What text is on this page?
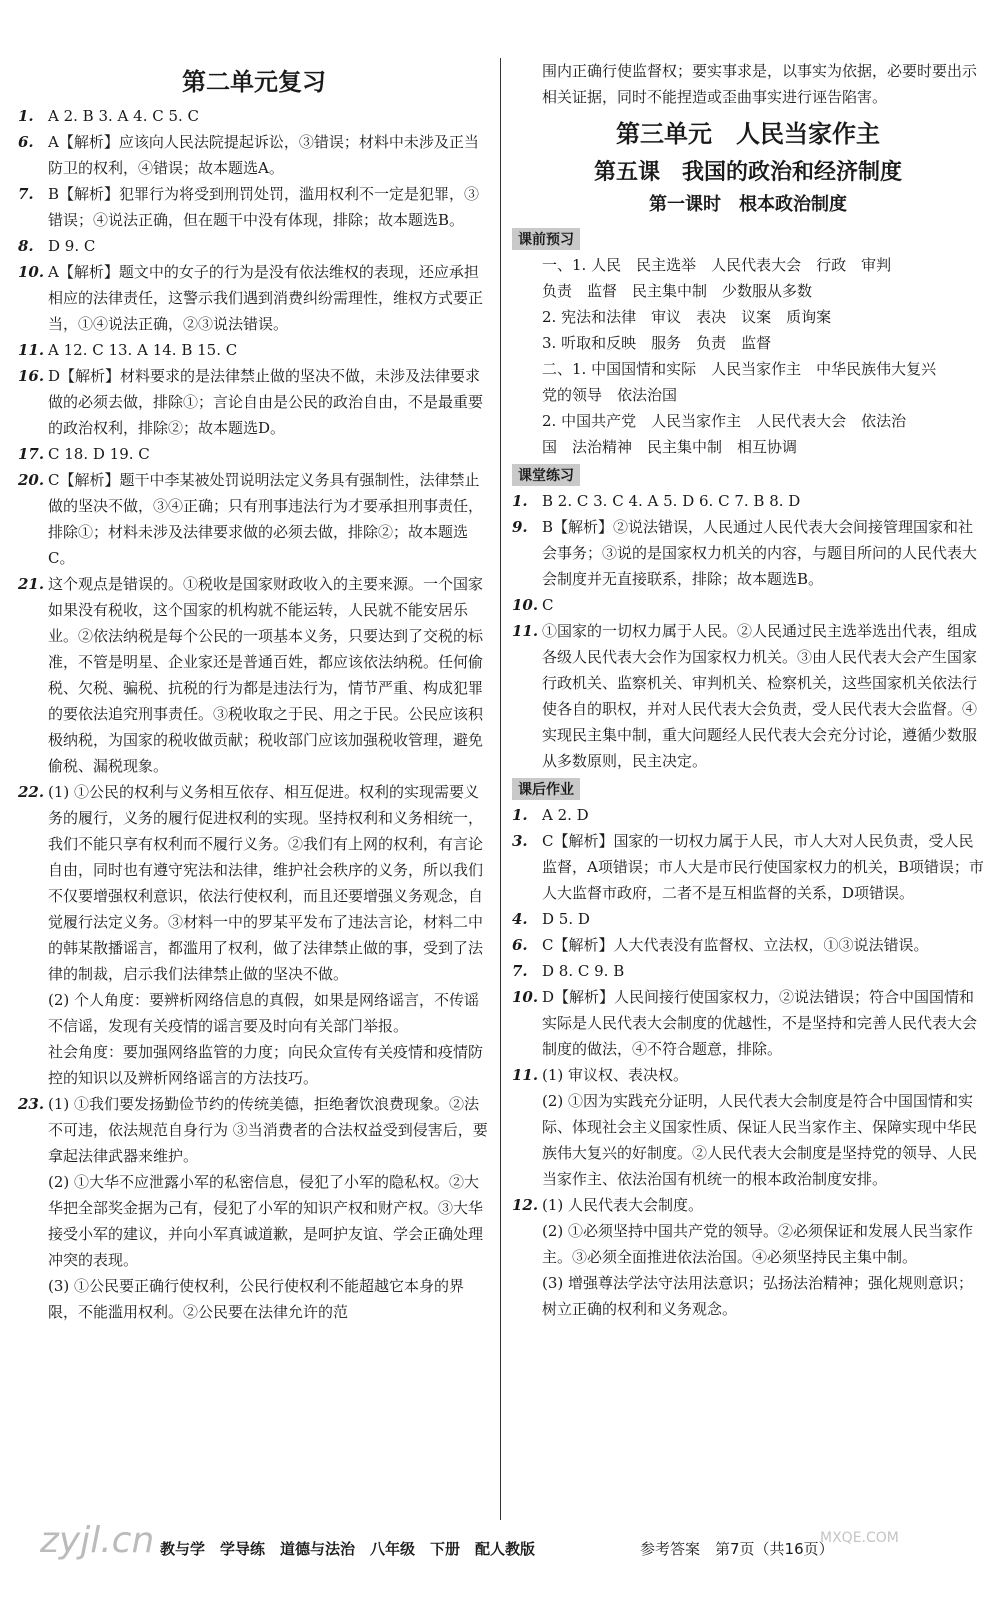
第二单元复习
1. A 2. B 3. A 4. C 5. C
6. A【解析】应该向人民法院提起诉讼，③错误；材料中未涉及正当防卫的权利，④错误；故本题选A。
7. B【解析】犯罪行为将受到刑罚处罚，滥用权利不一定是犯罪，③错误；④说法正确，但在题干中没有体现，排除；故本题选B。
8. D 9. C
10. A【解析】题文中的女子的行为是没有依法维权的表现，还应承担相应的法律责任，这警示我们遇到消费纠纷需理性，维权方式要正当，①④说法正确，②③说法错误。
11. A 12. C 13. A 14. B 15. C
16. D【解析】材料要求的是法律禁止做的坚决不做，未涉及法律要求做的必须去做，排除①；言论自由是公民的政治自由，不是最重要的政治权利，排除②；故本题选D。
17. C 18. D 19. C
20. C【解析】题干中李某被处罚说明法定义务具有强制性，法律禁止做的坚决不做，③④正确；只有刑事违法行为才要承担刑事责任，排除①；材料未涉及法律要求做的必须去做，排除②；故本题选C。
21. 这个观点是错误的。①税收是国家财政收入的主要来源。一个国家如果没有税收，这个国家的机构就不能运转，人民就不能安居乐业。②依法纳税是每个公民的一项基本义务，只要达到了交税的标准，不管是明星、企业家还是普通百姓，都应该依法纳税。任何偷税、欠税、骗税、抗税的行为都是违法行为，情节严重、构成犯罪的要依法追究刑事责任。③税收取之于民、用之于民。公民应该积极纳税，为国家的税收做贡献；税收部门应该加强税收管理，避免偷税、漏税现象。
22. (1) ①公民的权利与义务相互依存、相互促进。权利的实现需要义务的履行，义务的履行促进权利的实现。坚持权利和义务相统一，我们不能只享有权利而不履行义务。②我们有上网的权利，有言论自由，同时也有遵守宪法和法律，维护社会秩序的义务，所以我们不仅要增强权利意识，依法行使权利，而且还要增强义务观念，自觉履行法定义务。③材料一中的罗某平发布了违法言论，材料二中的韩某散播谣言，都滥用了权利，做了法律禁止做的事，受到了法律的制裁，启示我们法律禁止做的坚决不做。
(2) 个人角度：要辨析网络信息的真假，如果是网络谣言，不传谣不信谣，发现有关疫情的谣言要及时向有关部门举报。
社会角度：要加强网络监管的力度；向民众宣传有关疫情和疫情防控的知识以及辨析网络谣言的方法技巧。
23. (1) ①我们要发扬勤俭节约的传统美德，拒绝奢饮浪费现象。②法不可违，依法规范自身行为 ③当消费者的合法权益受到侵害后，要拿起法律武器来维护。
(2) ①大华不应泄露小军的私密信息，侵犯了小军的隐私权。②大华把全部奖金据为己有，侵犯了小军的知识产权和财产权。③大华接受小军的建议，并向小军真诚道歉，是呵护友谊、学会正确处理冲突的表现。
(3) ①公民要正确行使权利，公民行使权利不能超越它本身的界限，不能滥用权利。②公民要在法律允许的范
围内正确行使监督权；要实事求是，以事实为依据，必要时要出示相关证据，同时不能捏造或歪曲事实进行诬告陷害。
第三单元　人民当家作主
第五课　我国的政治和经济制度
第一课时　根本政治制度
课前预习
一、1. 人民　民主选举　人民代表大会　行政　审判
负责　监督　民主集中制　少数服从多数
2. 宪法和法律　审议　表决　议案　质询案
3. 听取和反映　服务　负责　监督
二、1. 中国国情和实际　人民当家作主　中华民族伟大复兴
党的领导　依法治国
2. 中国共产党　人民当家作主　人民代表大会　依法治
国　法治精神　民主集中制　相互协调
课堂练习
1. B 2. C 3. C 4. A 5. D 6. C 7. B 8. D
9. B【解析】②说法错误，人民通过人民代表大会间接管理国家和社会事务；③说的是国家权力机关的内容，与题目所问的人民代表大会制度并无直接联系，排除；故本题选B。
10. C
11. ①国家的一切权力属于人民。②人民通过民主选举选出代表，组成各级人民代表大会作为国家权力机关。③由人民代表大会产生国家行政机关、监察机关、审判机关、检察机关，这些国家机关依法行使各自的职权，并对人民代表大会负责，受人民代表大会监督。④实现民主集中制，重大问题经人民代表大会充分讨论，遵循少数服从多数原则，民主决定。
课后作业
1. A 2. D
3. C【解析】国家的一切权力属于人民，市人大对人民负责，受人民监督，A项错误；市人大是市民行使国家权力的机关，B项错误；市人大监督市政府，二者不是互相监督的关系，D项错误。
4. D 5. D
6. C【解析】人大代表没有监督权、立法权，①③说法错误。
7. D 8. C 9. B
10. D【解析】人民间接行使国家权力，②说法错误；符合中国国情和实际是人民代表大会制度的优越性，不是坚持和完善人民代表大会制度的做法，④不符合题意，排除。
11. (1) 审议权、表决权。
(2) ①因为实践充分证明，人民代表大会制度是符合中国国情和实际、体现社会主义国家性质、保证人民当家作主、保障实现中华民族伟大复兴的好制度。②人民代表大会制度是坚持党的领导、人民当家作主、依法治国有机统一的根本政治制度安排。
12. (1) 人民代表大会制度。
(2) ①必须坚持中国共产党的领导。②必须保证和发展人民当家作主。③必须全面推进依法治国。④必须坚持民主集中制。
(3) 增强尊法学法守法用法意识；弘扬法治精神；强化规则意识；树立正确的权利和义务观念。
zyjl.cn 教与学　学导练　道德与法治　八年级　下册　配人教版	参考答案　第7页（共16页）
MXQE.COM
